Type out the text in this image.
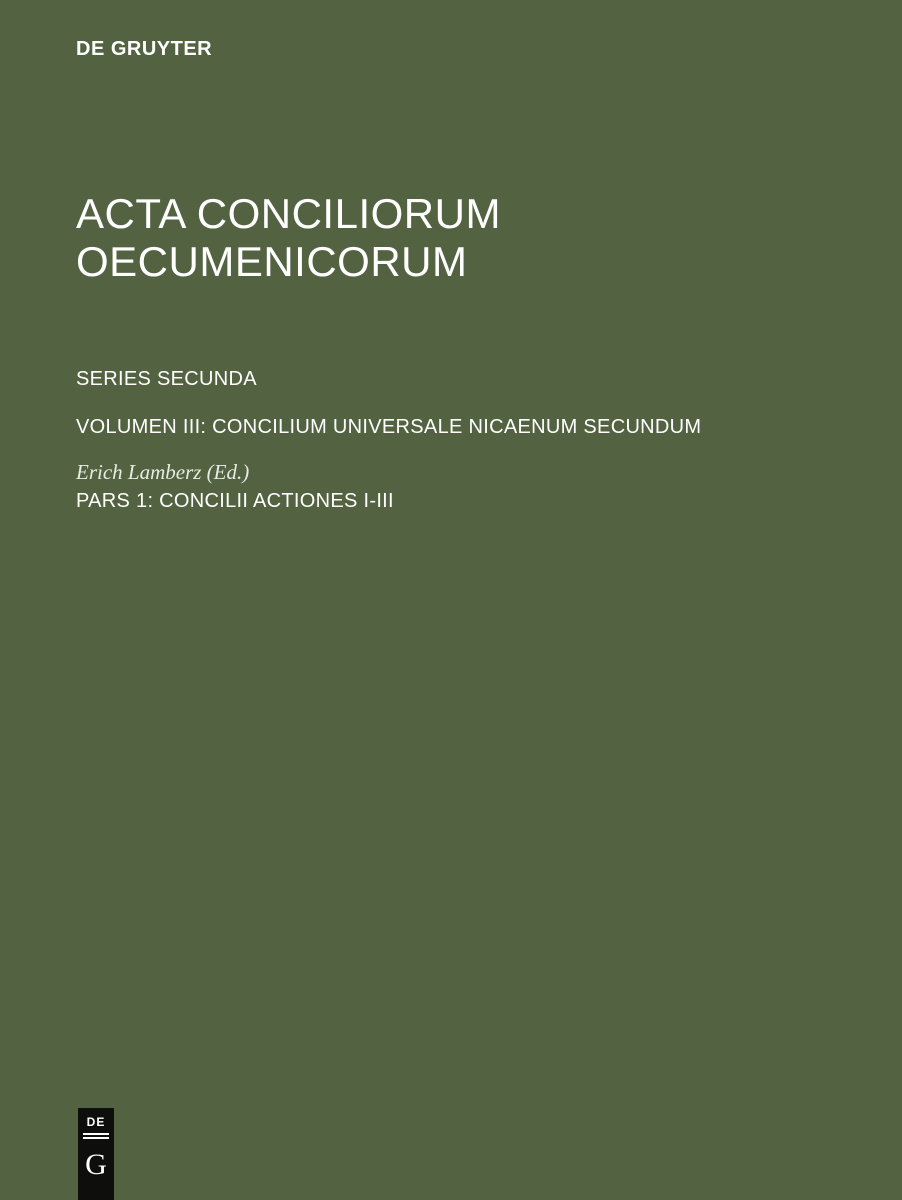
DE GRUYTER
ACTA CONCILIORUM
OECUMENICORUM
SERIES SECUNDA
VOLUMEN III: CONCILIUM UNIVERSALE NICAENUM SECUNDUM
Erich Lamberz (Ed.)
PARS 1: CONCILII ACTIONES I-III
DE
G
